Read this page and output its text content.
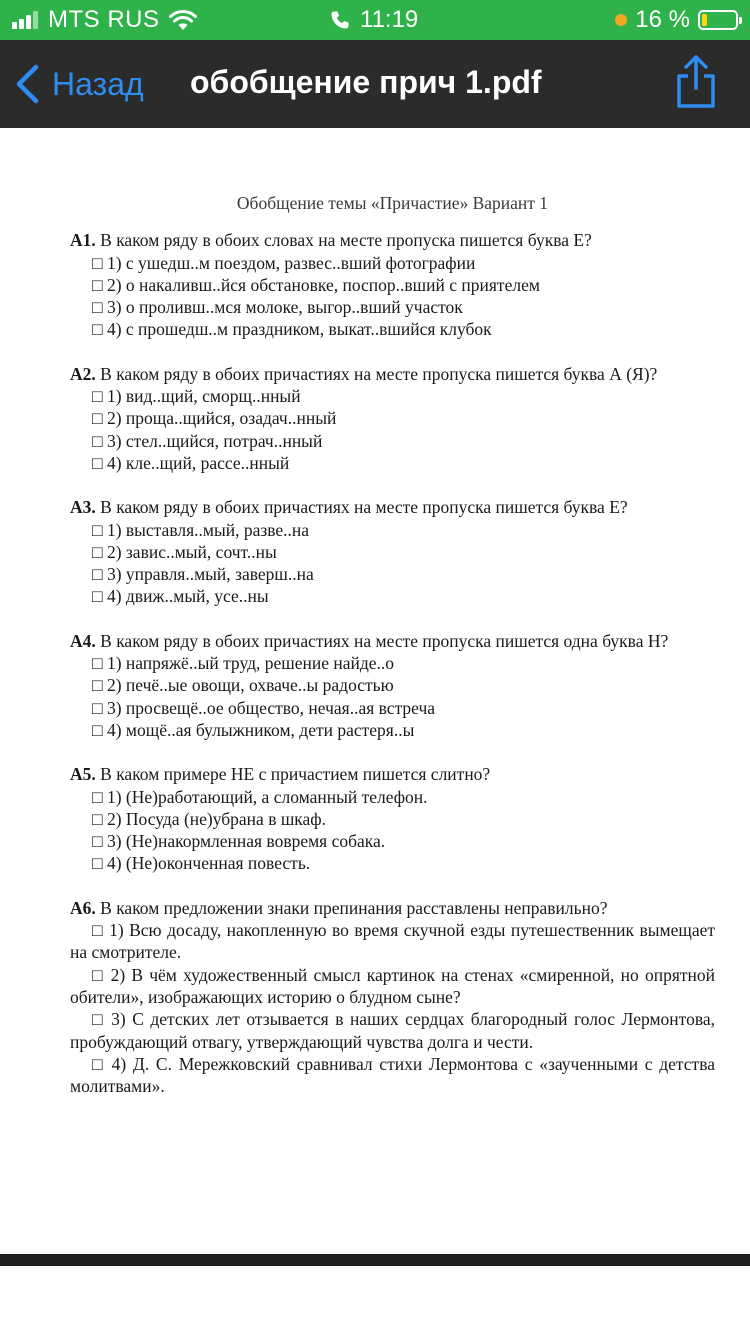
MTS RUS	11:19	16 %
Назад обобщение прич 1.pdf
Обобщение темы «Причастие» Вариант 1
А1. В каком ряду в обоих словах на месте пропуска пишется буква Е?
□ 1) с ушедш..м поездом, развес..вший фотографии
□ 2) о накаливш..йся обстановке, поспор..вший с приятелем
□ 3) о проливш..мся молоке, выгор..вший участок
□ 4) с прошедш..м праздником, выкат..вшийся клубок
А2. В каком ряду в обоих причастиях на месте пропуска пишется буква А (Я)?
□ 1) вид..щий, сморщ..нный
□ 2) проща..щийся, озадач..нный
□ 3) стел..щийся, потрач..нный
□ 4) кле..щий, рассе..нный
А3. В каком ряду в обоих причастиях на месте пропуска пишется буква Е?
□ 1) выставля..мый, разве..на
□ 2) завис..мый, сочт..ны
□ 3) управля..мый, заверш..на
□ 4) движ..мый, усе..ны
А4. В каком ряду в обоих причастиях на месте пропуска пишется одна буква Н?
□ 1) напряжё..ый труд, решение найде..о
□ 2) печё..ые овощи, охваче..ы радостью
□ 3) просвещё..ое общество, нечая..ая встреча
□ 4) мощё..ая булыжником, дети растеря..ы
А5. В каком примере НЕ с причастием пишется слитно?
□ 1) (Не)работающий, а сломанный телефон.
□ 2) Посуда (не)убрана в шкаф.
□ 3) (Не)накормленная вовремя собака.
□ 4) (Не)оконченная повесть.
А6. В каком предложении знаки препинания расставлены неправильно?
□ 1) Всю досаду, накопленную во время скучной езды путешественник вымещает на смотрителе.
□ 2) В чём художественный смысл картинок на стенах «смиренной, но опрятной обители», изображающих историю о блудном сыне?
□ 3) С детских лет отзывается в наших сердцах благородный голос Лермонтова, пробуждающий отвагу, утверждающий чувства долга и чести.
□ 4) Д. С. Мережковский сравнивал стихи Лермонтова с «заученными с детства молитвами».
